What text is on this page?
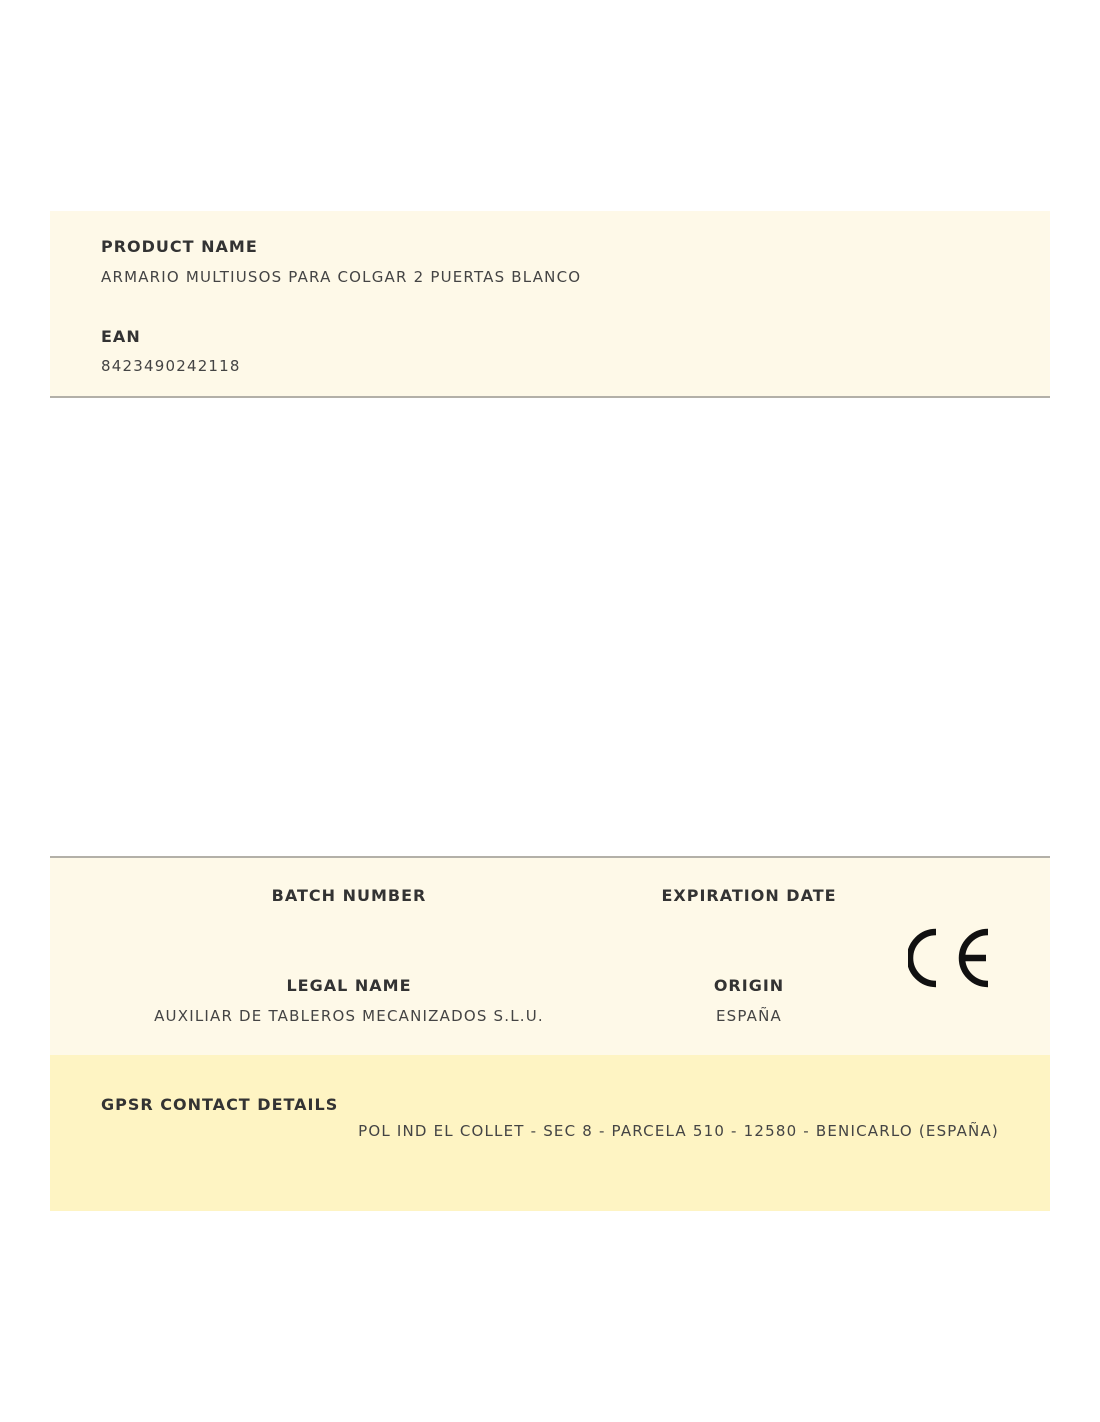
PRODUCT NAME
ARMARIO MULTIUSOS PARA COLGAR 2 PUERTAS BLANCO
EAN
8423490242118
BATCH NUMBER	EXPIRATION DATE
LEGAL NAME
AUXILIAR DE TABLEROS MECANIZADOS S.L.U.
ORIGIN
ESPAÑA
GPSR CONTACT DETAILS
POL IND EL COLLET - SEC 8 - PARCELA 510 - 12580 - BENICARLO (ESPAÑA)
